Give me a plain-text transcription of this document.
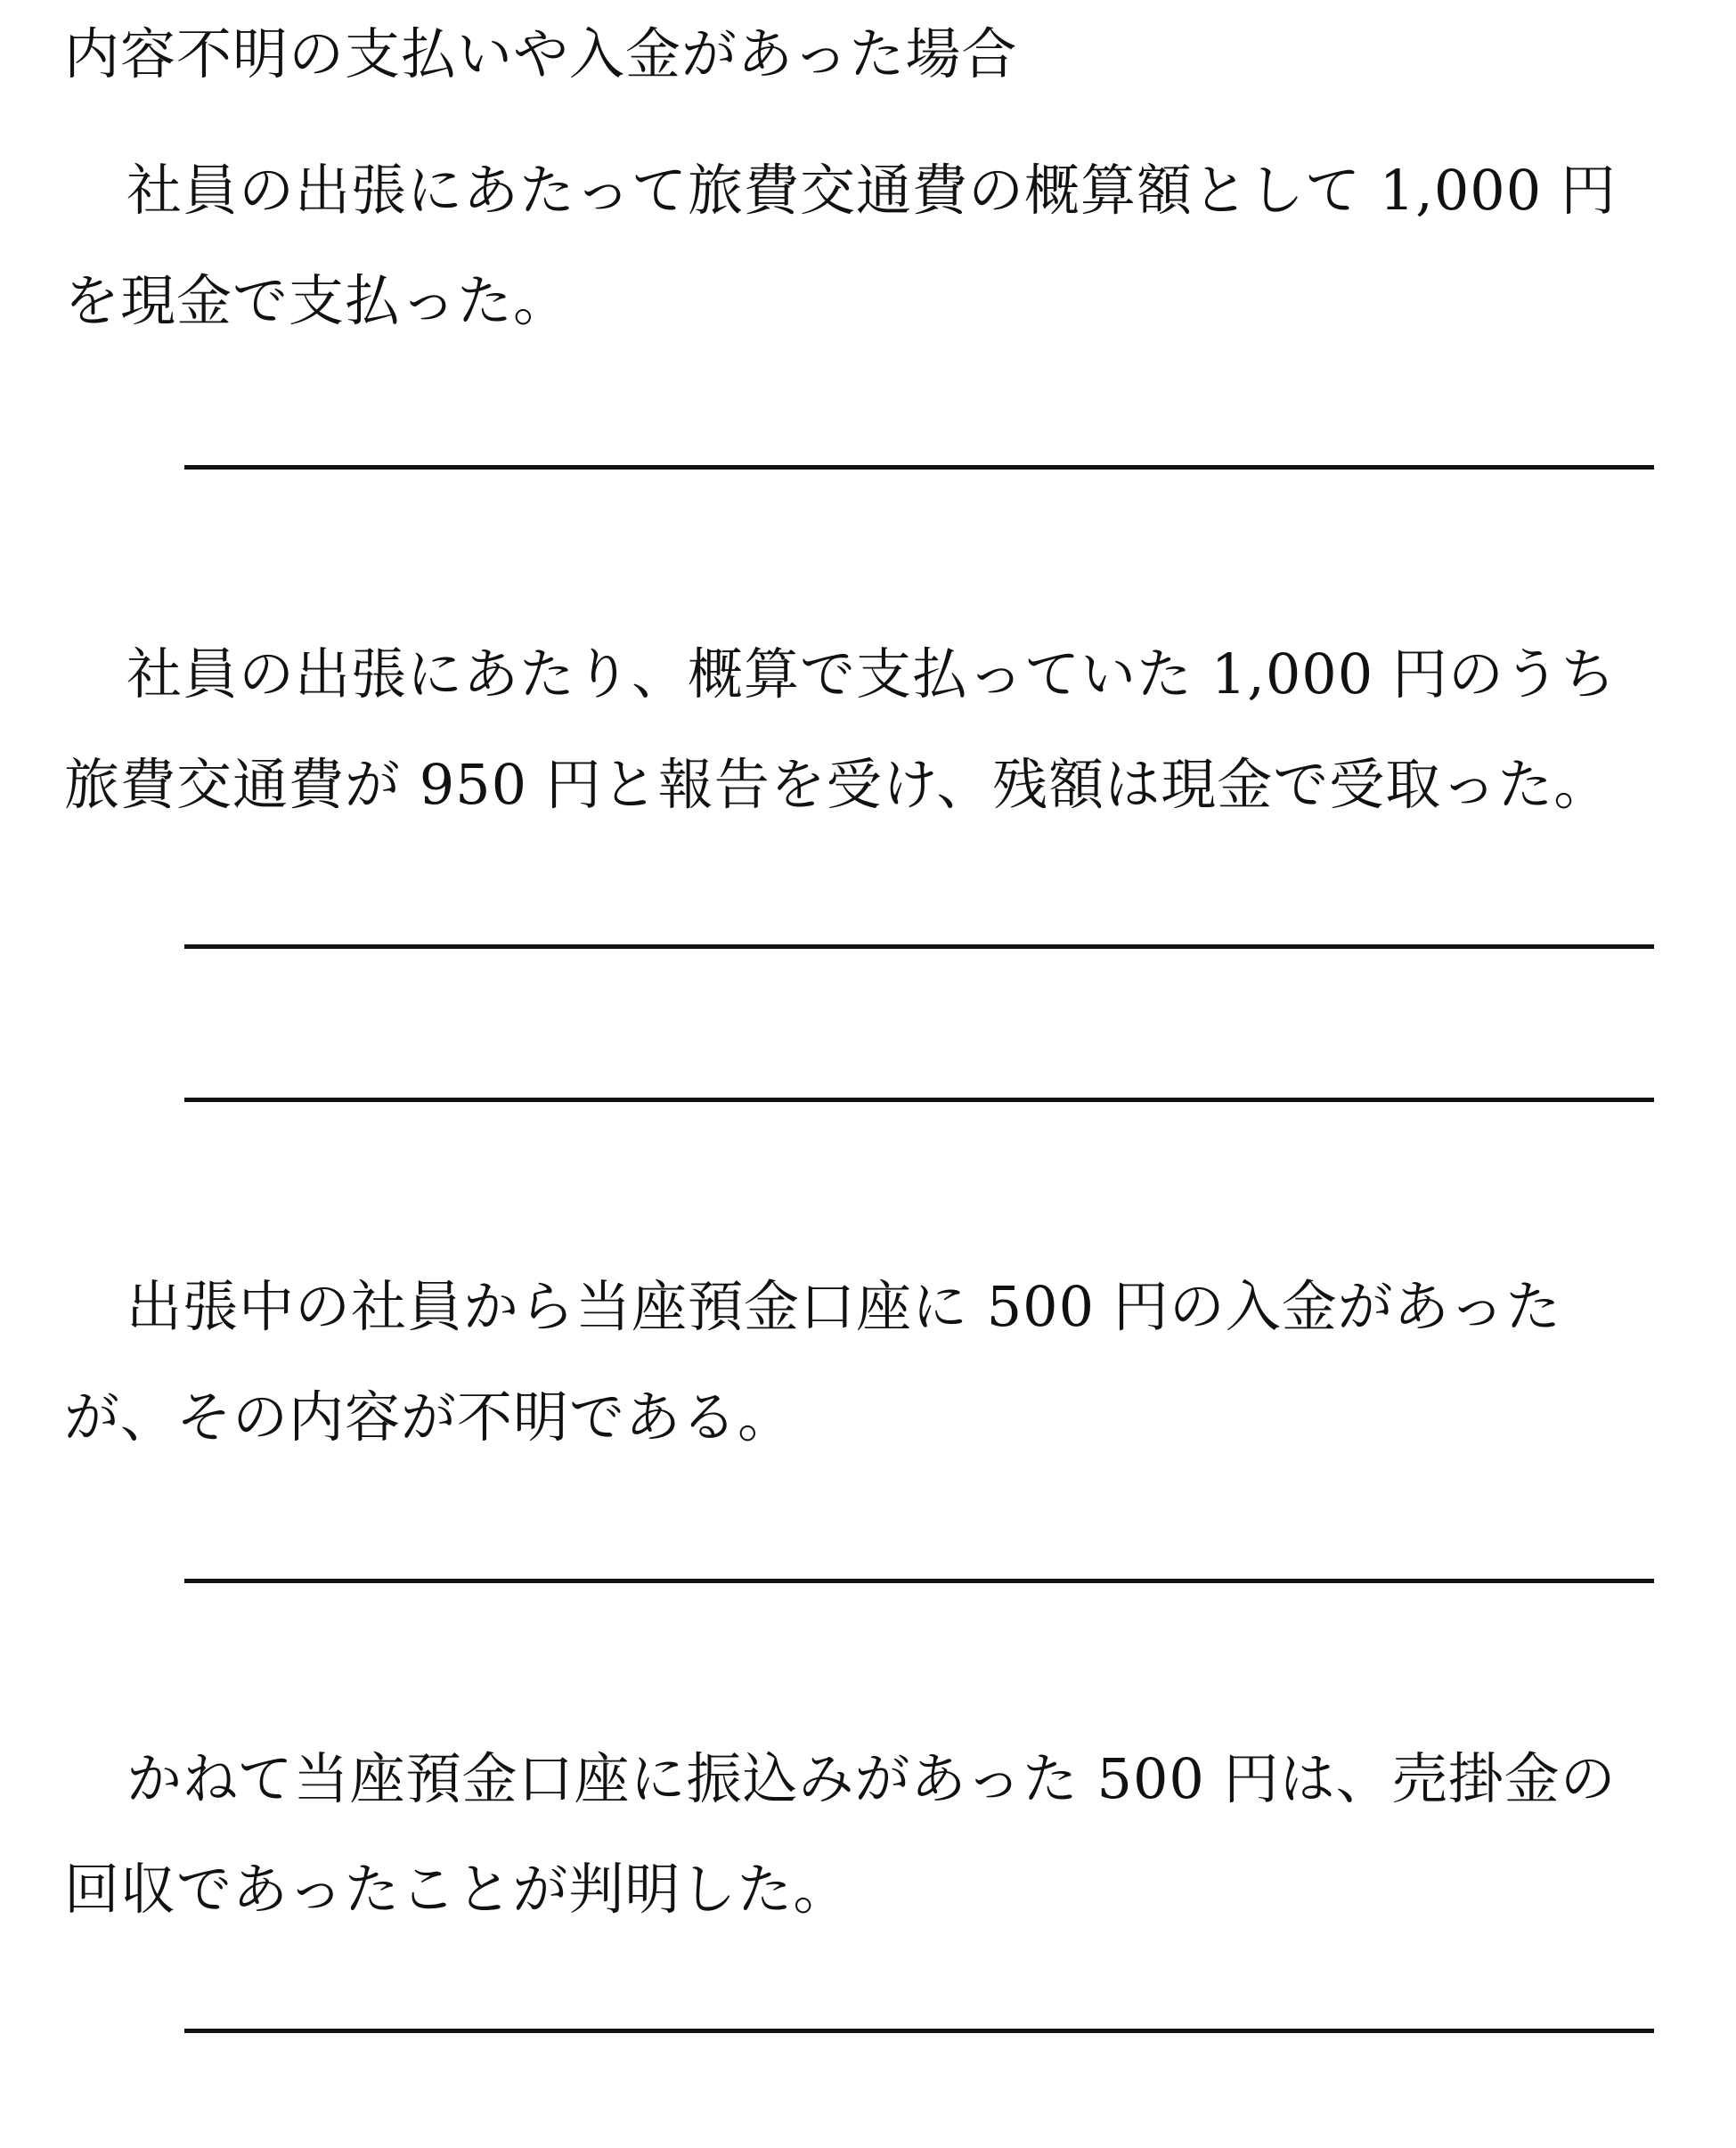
内容不明の支払いや入金があった場合
社員の出張にあたって旅費交通費の概算額として 1,000 円を現金で支払った。
社員の出張にあたり、概算で支払っていた 1,000 円のうち旅費交通費が 950 円と報告を受け、残額は現金で受取った。
出張中の社員から当座預金口座に 500 円の入金があったが、その内容が不明である。
かねて当座預金口座に振込みがあった 500 円は、売掛金の回収であったことが判明した。
